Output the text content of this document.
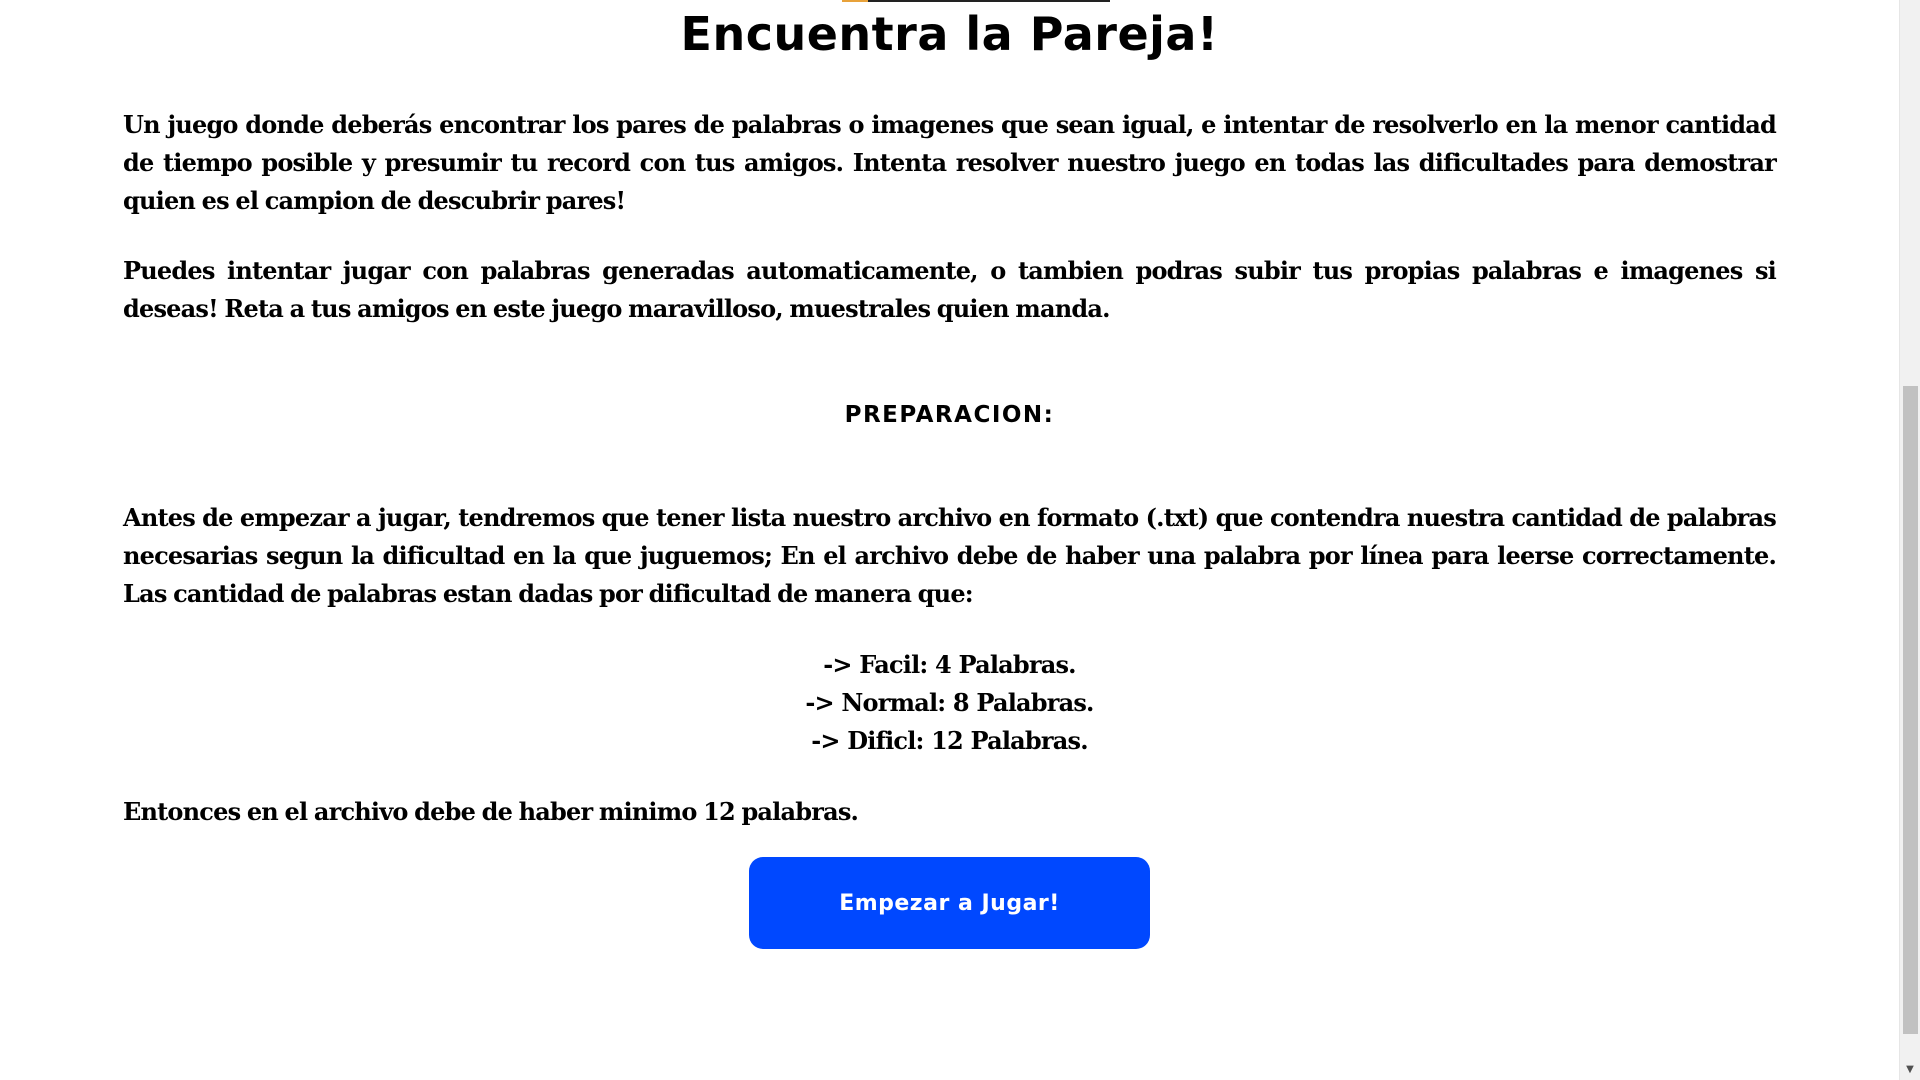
Encuentra la Pareja!

Un juego donde deberás encontrar los pares de palabras o imagenes que sean igual, e intentar de resolverlo en la menor cantidad de tiempo posible y presumir tu record con tus amigos. Intenta resolver nuestro juego en todas las dificultades para demostrar quien es el campion de descubrir pares!

Puedes intentar jugar con palabras generadas automaticamente, o tambien podras subir tus propias palabras e imagenes si deseas! Reta a tus amigos en este juego maravilloso, muestrales quien manda.

PREPARACION:

Antes de empezar a jugar, tendremos que tener lista nuestro archivo en formato (.txt) que contendra nuestra cantidad de palabras necesarias segun la dificultad en la que juguemos; En el archivo debe de haber una palabra por línea para leerse correctamente. Las cantidad de palabras estan dadas por dificultad de manera que:

-> Facil: 4 Palabras.
-> Normal: 8 Palabras.
-> Dificl: 12 Palabras.

Entonces en el archivo debe de haber minimo 12 palabras.

Empezar a Jugar!
▼
